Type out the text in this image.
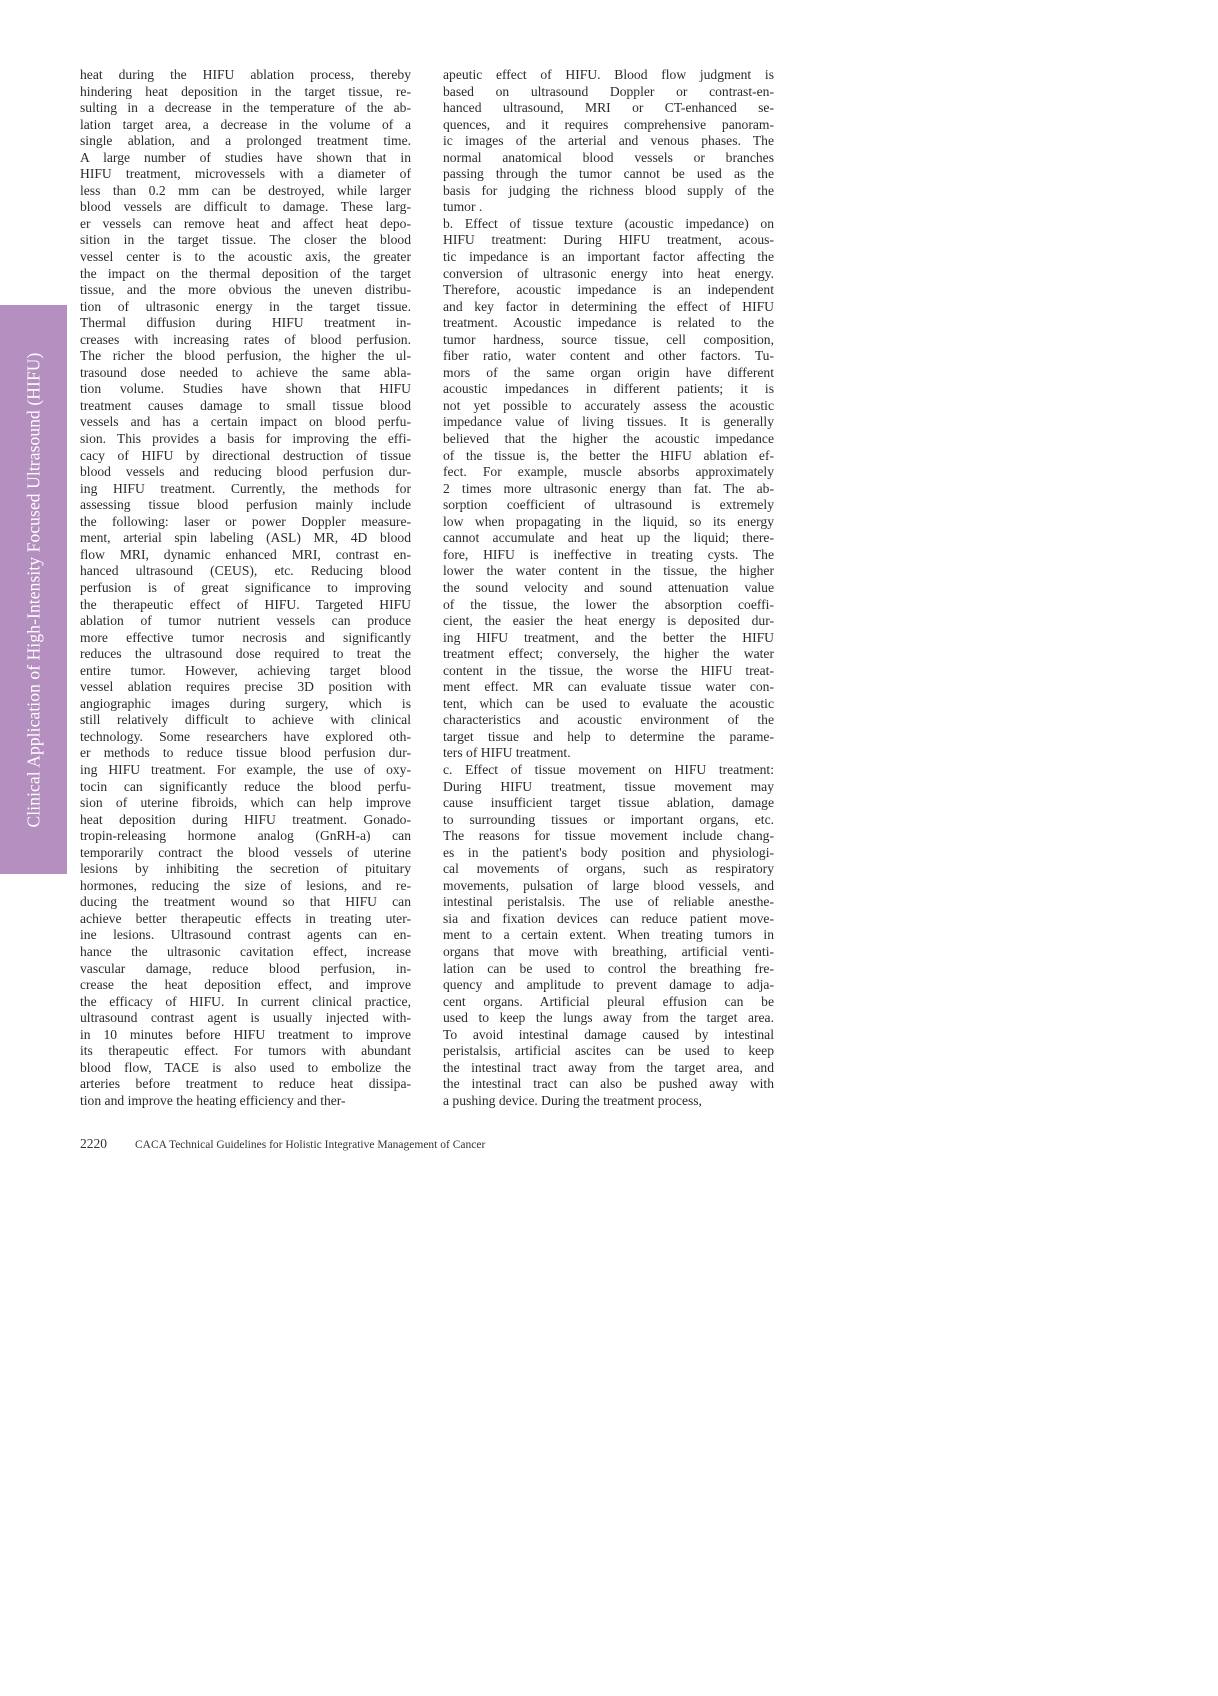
Clinical Application of High-Intensity Focused Ultrasound (HIFU)
heat during the HIFU ablation process, thereby
hindering heat deposition in the target tissue, re-
sulting in a decrease in the temperature of the ab-
lation target area, a decrease in the volume of a
single ablation, and a prolonged treatment time.
A large number of studies have shown that in
HIFU treatment, microvessels with a diameter of
less than 0.2 mm can be destroyed, while larger
blood vessels are difficult to damage. These larg-
er vessels can remove heat and affect heat depo-
sition in the target tissue. The closer the blood
vessel center is to the acoustic axis, the greater
the impact on the thermal deposition of the target
tissue, and the more obvious the uneven distribu-
tion of ultrasonic energy in the target tissue.
Thermal diffusion during HIFU treatment in-
creases with increasing rates of blood perfusion.
The richer the blood perfusion, the higher the ul-
trasound dose needed to achieve the same abla-
tion volume. Studies have shown that HIFU
treatment causes damage to small tissue blood
vessels and has a certain impact on blood perfu-
sion. This provides a basis for improving the effi-
cacy of HIFU by directional destruction of tissue
blood vessels and reducing blood perfusion dur-
ing HIFU treatment. Currently, the methods for
assessing tissue blood perfusion mainly include
the following: laser or power Doppler measure-
ment, arterial spin labeling (ASL) MR, 4D blood
flow MRI, dynamic enhanced MRI, contrast en-
hanced ultrasound (CEUS), etc. Reducing blood
perfusion is of great significance to improving
the therapeutic effect of HIFU. Targeted HIFU
ablation of tumor nutrient vessels can produce
more effective tumor necrosis and significantly
reduces the ultrasound dose required to treat the
entire tumor. However, achieving target blood
vessel ablation requires precise 3D position with
angiographic images during surgery, which is
still relatively difficult to achieve with clinical
technology. Some researchers have explored oth-
er methods to reduce tissue blood perfusion dur-
ing HIFU treatment. For example, the use of oxy-
tocin can significantly reduce the blood perfu-
sion of uterine fibroids, which can help improve
heat deposition during HIFU treatment. Gonado-
tropin-releasing hormone analog (GnRH-a) can
temporarily contract the blood vessels of uterine
lesions by inhibiting the secretion of pituitary
hormones, reducing the size of lesions, and re-
ducing the treatment wound so that HIFU can
achieve better therapeutic effects in treating uter-
ine lesions. Ultrasound contrast agents can en-
hance the ultrasonic cavitation effect, increase
vascular damage, reduce blood perfusion, in-
crease the heat deposition effect, and improve
the efficacy of HIFU. In current clinical practice,
ultrasound contrast agent is usually injected with-
in 10 minutes before HIFU treatment to improve
its therapeutic effect. For tumors with abundant
blood flow, TACE is also used to embolize the
arteries before treatment to reduce heat dissipa-
tion and improve the heating efficiency and ther-
apeutic effect of HIFU. Blood flow judgment is
based on ultrasound Doppler or contrast-en-
hanced ultrasound, MRI or CT-enhanced se-
quences, and it requires comprehensive panoram-
ic images of the arterial and venous phases. The
normal anatomical blood vessels or branches
passing through the tumor cannot be used as the
basis for judging the richness blood supply of the
tumor .
b. Effect of tissue texture (acoustic impedance) on
HIFU treatment: During HIFU treatment, acous-
tic impedance is an important factor affecting the
conversion of ultrasonic energy into heat energy.
Therefore, acoustic impedance is an independent
and key factor in determining the effect of HIFU
treatment. Acoustic impedance is related to the
tumor hardness, source tissue, cell composition,
fiber ratio, water content and other factors. Tu-
mors of the same organ origin have different
acoustic impedances in different patients; it is
not yet possible to accurately assess the acoustic
impedance value of living tissues. It is generally
believed that the higher the acoustic impedance
of the tissue is, the better the HIFU ablation ef-
fect. For example, muscle absorbs approximately
2 times more ultrasonic energy than fat. The ab-
sorption coefficient of ultrasound is extremely
low when propagating in the liquid, so its energy
cannot accumulate and heat up the liquid; there-
fore, HIFU is ineffective in treating cysts. The
lower the water content in the tissue, the higher
the sound velocity and sound attenuation value
of the tissue, the lower the absorption coeffi-
cient, the easier the heat energy is deposited dur-
ing HIFU treatment, and the better the HIFU
treatment effect; conversely, the higher the water
content in the tissue, the worse the HIFU treat-
ment effect. MR can evaluate tissue water con-
tent, which can be used to evaluate the acoustic
characteristics and acoustic environment of the
target tissue and help to determine the parame-
ters of HIFU treatment.
c. Effect of tissue movement on HIFU treatment:
During HIFU treatment, tissue movement may
cause insufficient target tissue ablation, damage
to surrounding tissues or important organs, etc.
The reasons for tissue movement include chang-
es in the patient's body position and physiologi-
cal movements of organs, such as respiratory
movements, pulsation of large blood vessels, and
intestinal peristalsis. The use of reliable anesthe-
sia and fixation devices can reduce patient move-
ment to a certain extent. When treating tumors in
organs that move with breathing, artificial venti-
lation can be used to control the breathing fre-
quency and amplitude to prevent damage to adja-
cent organs. Artificial pleural effusion can be
used to keep the lungs away from the target area.
To avoid intestinal damage caused by intestinal
peristalsis, artificial ascites can be used to keep
the intestinal tract away from the target area, and
the intestinal tract can also be pushed away with
a pushing device. During the treatment process,
2220 CACA Technical Guidelines for Holistic Integrative Management of Cancer
